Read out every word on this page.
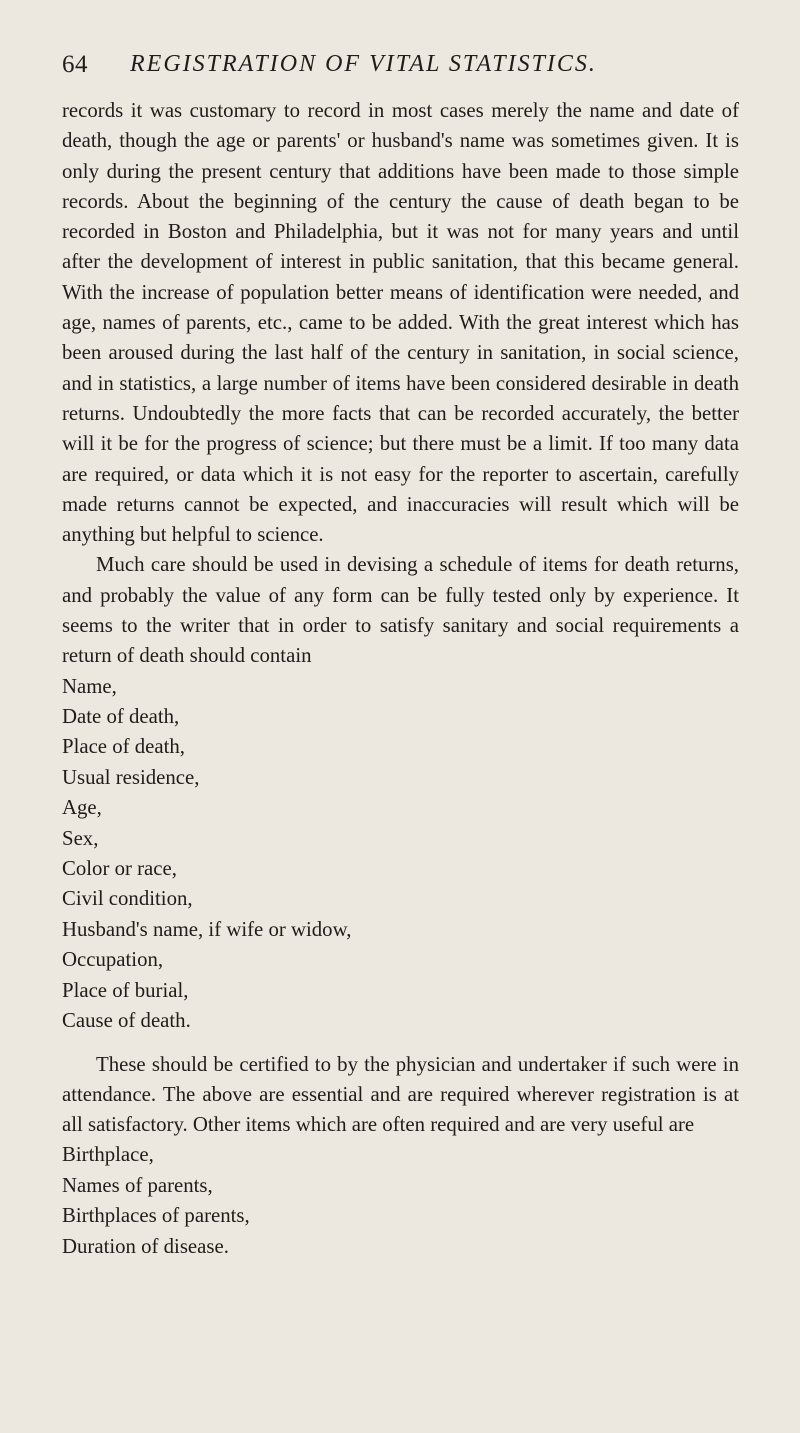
64 REGISTRATION OF VITAL STATISTICS.

records it was customary to record in most cases merely the name and date of death, though the age or parents' or husband's name was sometimes given. It is only during the present century that additions have been made to those simple records. About the beginning of the century the cause of death began to be recorded in Boston and Philadelphia, but it was not for many years and until after the development of interest in public sanitation, that this became general. With the increase of population better means of identification were needed, and age, names of parents, etc., came to be added. With the great interest which has been aroused during the last half of the century in sanitation, in social science, and in statistics, a large number of items have been considered desirable in death returns. Undoubtedly the more facts that can be recorded accurately, the better will it be for the progress of science; but there must be a limit. If too many data are required, or data which it is not easy for the reporter to ascertain, carefully made returns cannot be expected, and inaccuracies will result which will be anything but helpful to science.

Much care should be used in devising a schedule of items for death returns, and probably the value of any form can be fully tested only by experience. It seems to the writer that in order to satisfy sanitary and social requirements a return of death should contain

Name,
Date of death,
Place of death,
Usual residence,
Age,
Sex,
Color or race,
Civil condition,
Husband's name, if wife or widow,
Occupation,
Place of burial,
Cause of death.

These should be certified to by the physician and undertaker if such were in attendance. The above are essential and are required wherever registration is at all satisfactory. Other items which are often required and are very useful are

Birthplace,
Names of parents,
Birthplaces of parents,
Duration of disease.
